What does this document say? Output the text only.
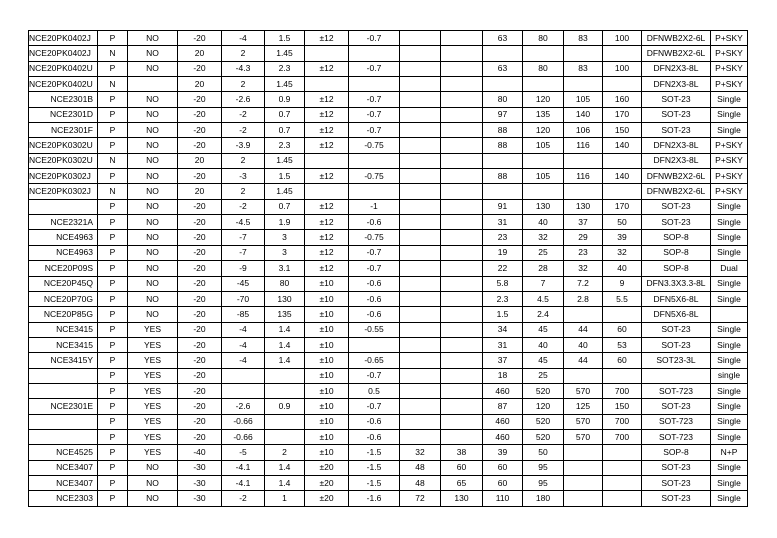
NCE20PK0402J	P	NO	-20	-4	1.5	±12	-0.7			63	80	83	100	DFNWB2X2-6L	P+SKY
NCE20PK0402J	N	NO	20	2	1.45									DFNWB2X2-6L	P+SKY
NCE20PK0402U	P	NO	-20	-4.3	2.3	±12	-0.7			63	80	83	100	DFN2X3-8L	P+SKY
NCE20PK0402U	N		20	2	1.45									DFN2X3-8L	P+SKY
NCE2301B	P	NO	-20	-2.6	0.9	±12	-0.7			80	120	105	160	SOT-23	Single
NCE2301D	P	NO	-20	-2	0.7	±12	-0.7			97	135	140	170	SOT-23	Single
NCE2301F	P	NO	-20	-2	0.7	±12	-0.7			88	120	106	150	SOT-23	Single
NCE20PK0302U	P	NO	-20	-3.9	2.3	±12	-0.75			88	105	116	140	DFN2X3-8L	P+SKY
NCE20PK0302U	N	NO	20	2	1.45									DFN2X3-8L	P+SKY
NCE20PK0302J	P	NO	-20	-3	1.5	±12	-0.75			88	105	116	140	DFNWB2X2-6L	P+SKY
NCE20PK0302J	N	NO	20	2	1.45									DFNWB2X2-6L	P+SKY
	P	NO	-20	-2	0.7	±12	-1			91	130	130	170	SOT-23	Single
NCE2321A	P	NO	-20	-4.5	1.9	±12	-0.6			31	40	37	50	SOT-23	Single
NCE4963	P	NO	-20	-7	3	±12	-0.75			23	32	29	39	SOP-8	Single
NCE4963	P	NO	-20	-7	3	±12	-0.7			19	25	23	32	SOP-8	Single
NCE20P09S	P	NO	-20	-9	3.1	±12	-0.7			22	28	32	40	SOP-8	Dual
NCE20P45Q	P	NO	-20	-45	80	±10	-0.6			5.8	7	7.2	9	DFN3.3X3.3-8L	Single
NCE20P70G	P	NO	-20	-70	130	±10	-0.6			2.3	4.5	2.8	5.5	DFN5X6-8L	Single
NCE20P85G	P	NO	-20	-85	135	±10	-0.6			1.5	2.4			DFN5X6-8L	
NCE3415	P	YES	-20	-4	1.4	±10	-0.55			34	45	44	60	SOT-23	Single
NCE3415	P	YES	-20	-4	1.4	±10				31	40	40	53	SOT-23	Single
NCE3415Y	P	YES	-20	-4	1.4	±10	-0.65			37	45	44	60	SOT23-3L	Single
	P	YES	-20			±10	-0.7			18	25				single
	P	YES	-20			±10	0.5			460	520	570	700	SOT-723	Single
NCE2301E	P	YES	-20	-2.6	0.9	±10	-0.7			87	120	125	150	SOT-23	Single
	P	YES	-20	-0.66		±10	-0.6			460	520	570	700	SOT-723	Single
	P	YES	-20	-0.66		±10	-0.6			460	520	570	700	SOT-723	Single
NCE4525	P	YES	-40	-5	2	±10	-1.5	32	38	39	50			SOP-8	N+P
NCE3407	P	NO	-30	-4.1	1.4	±20	-1.5	48	60	60	95			SOT-23	Single
NCE3407	P	NO	-30	-4.1	1.4	±20	-1.5	48	65	60	95			SOT-23	Single
NCE2303	P	NO	-30	-2	1	±20	-1.6	72	130	110	180			SOT-23	Single
